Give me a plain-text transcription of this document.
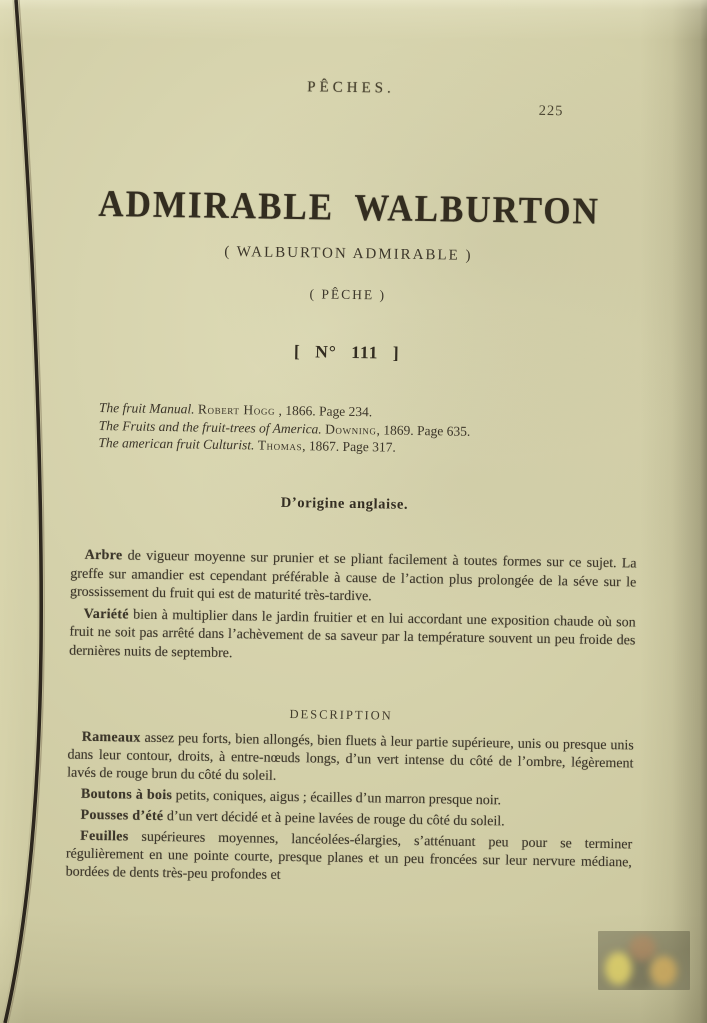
PÊCHES.
225
ADMIRABLE WALBURTON
( WALBURTON ADMIRABLE )
( PÊCHE )
[ N° 111 ]
The fruit Manual. Robert Hogg , 1866. Page 234.
The Fruits and the fruit-trees of America. Downing, 1869. Page 635.
The american fruit Culturist. Thomas, 1867. Page 317.
D’origine anglaise.

Arbre de vigueur moyenne sur prunier et se pliant facilement à toutes formes sur ce sujet. La greffe sur amandier est cependant préférable à cause de l’action plus prolongée de la séve sur le grossissement du fruit qui est de maturité très-tardive.

Variété bien à multiplier dans le jardin fruitier et en lui accordant une exposition chaude où son fruit ne soit pas arrêté dans l’achèvement de sa saveur par la température souvent un peu froide des dernières nuits de septembre.

DESCRIPTION

Rameaux assez peu forts, bien allongés, bien fluets à leur partie supérieure, unis ou presque unis dans leur contour, droits, à entre-nœuds longs, d’un vert intense du côté de l’ombre, légèrement lavés de rouge brun du côté du soleil.

Boutons à bois petits, coniques, aigus ; écailles d’un marron presque noir.

Pousses d’été d’un vert décidé et à peine lavées de rouge du côté du soleil.

Feuilles supérieures moyennes, lancéolées-élargies, s’atténuant peu pour se terminer régulièrement en une pointe courte, presque planes et un peu froncées sur leur nervure médiane, bordées de dents très-peu profondes et
